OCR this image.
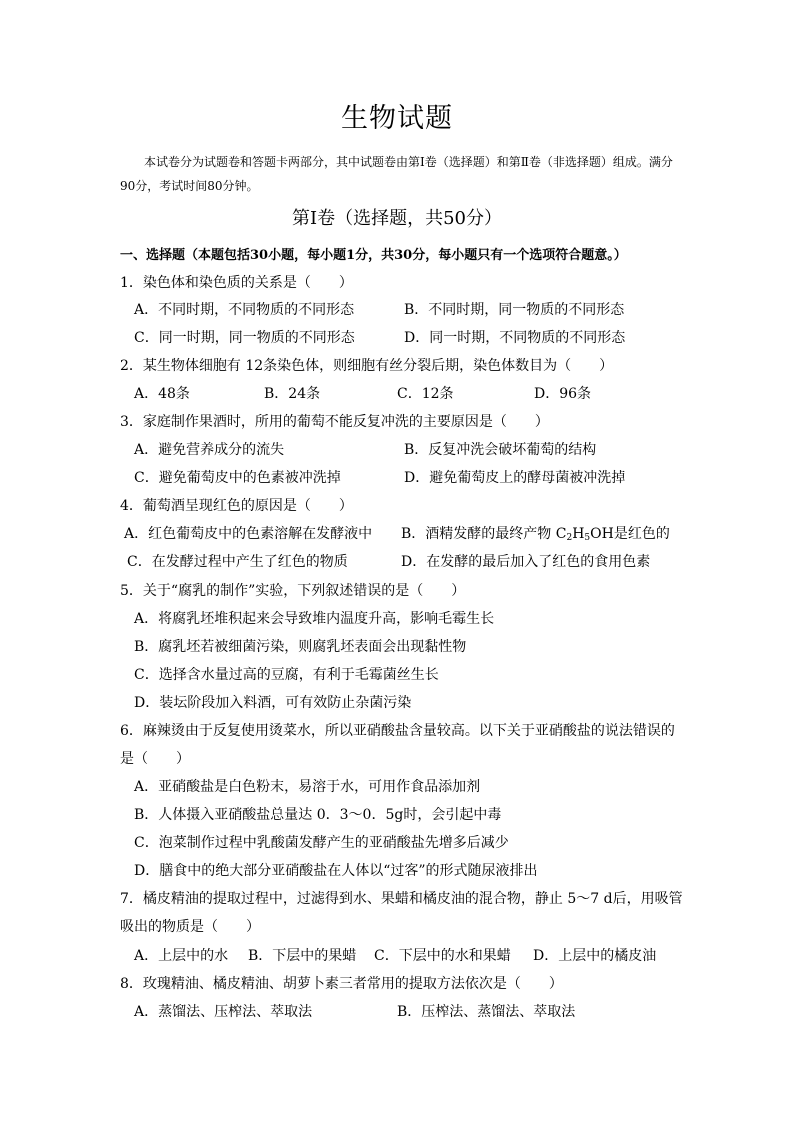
生物试题
本试卷分为试题卷和答题卡两部分，其中试题卷由第Ⅰ卷（选择题）和第Ⅱ卷（非选择题）组成。满分90分，考试时间80分钟。
第Ⅰ卷（选择题，共50分）
一、选择题（本题包括30小题，每小题1分，共30分，每小题只有一个选项符合题意。）
1．染色体和染色质的关系是（　　）
A．不同时期，不同物质的不同形态	B．不同时期，同一物质的不同形态
C．同一时期，同一物质的不同形态	D．同一时期，不同物质的不同形态
2．某生物体细胞有 12条染色体，则细胞有丝分裂后期，染色体数目为（　　）
A．48条	B．24条	C．12条	D．96条
3．家庭制作果酒时，所用的葡萄不能反复冲洗的主要原因是（　　）
A．避免营养成分的流失	B．反复冲洗会破坏葡萄的结构
C．避免葡萄皮中的色素被冲洗掉	D．避免葡萄皮上的酵母菌被冲洗掉
4．葡萄酒呈现红色的原因是（　　）
A．红色葡萄皮中的色素溶解在发酵液中 B．酒精发酵的最终产物 $C_2H_5OH$是红色的
C．在发酵过程中产生了红色的物质	D．在发酵的最后加入了红色的食用色素
5．关于“腐乳的制作”实验，下列叙述错误的是（　　）
A．将腐乳坯堆积起来会导致堆内温度升高，影响毛霉生长
B．腐乳坯若被细菌污染，则腐乳坯表面会出现黏性物
C．选择含水量过高的豆腐，有利于毛霉菌丝生长
D．装坛阶段加入料酒，可有效防止杂菌污染
6．麻辣烫由于反复使用烫菜水，所以亚硝酸盐含量较高。以下关于亚硝酸盐的说法错误的
是（　　）
A．亚硝酸盐是白色粉末，易溶于水，可用作食品添加剂
B．人体摄入亚硝酸盐总量达 0．3～0．5g时，会引起中毒
C．泡菜制作过程中乳酸菌发酵产生的亚硝酸盐先增多后减少
D．膳食中的绝大部分亚硝酸盐在人体以“过客”的形式随尿液排出
7．橘皮精油的提取过程中，过滤得到水、果蜡和橘皮油的混合物，静止 5～7 d后，用吸管
吸出的物质是（　　）
A．上层中的水 B．下层中的果蜡 C．下层中的水和果蜡 D．上层中的橘皮油
8．玫瑰精油、橘皮精油、胡萝卜素三者常用的提取方法依次是（　　）
A．蒸馏法、压榨法、萃取法	B．压榨法、蒸馏法、萃取法
